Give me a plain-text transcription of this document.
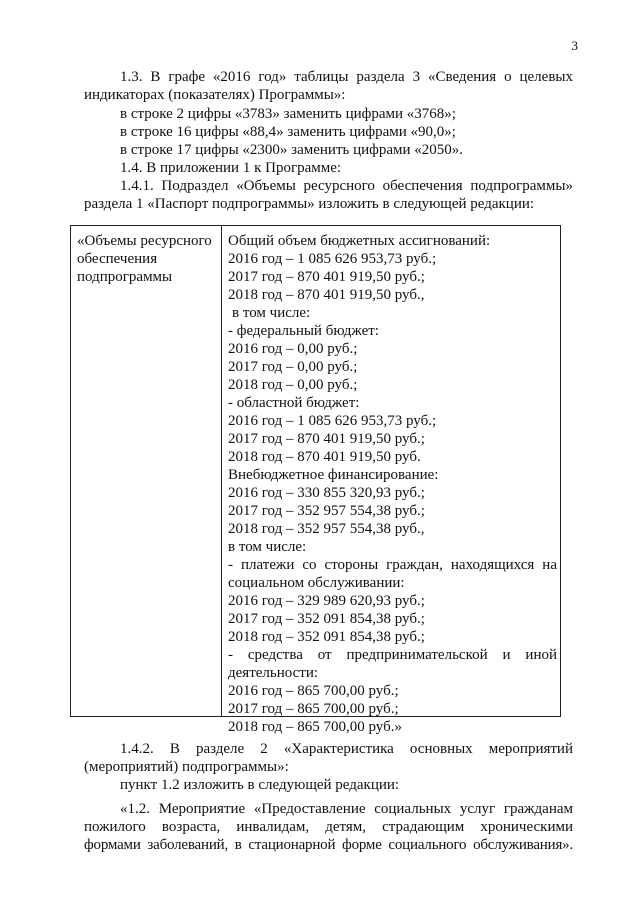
3
1.3. В графе «2016 год» таблицы раздела 3 «Сведения о целевых
индикаторах (показателях) Программы»:
в строке 2 цифры «3783» заменить цифрами «3768»;
в строке 16 цифры «88,4» заменить цифрами «90,0»;
в строке 17 цифры «2300» заменить цифрами «2050».
1.4. В приложении 1 к Программе:
1.4.1. Подраздел «Объемы ресурсного обеспечения подпрограммы»
раздела 1 «Паспорт подпрограммы» изложить в следующей редакции:
«Объемы ресурсного
обеспечения
подпрограммы
Общий объем бюджетных ассигнований:
2016 год – 1 085 626 953,73 руб.;
2017 год – 870 401 919,50 руб.;
2018 год – 870 401 919,50 руб.,
в том числе:
- федеральный бюджет:
2016 год – 0,00 руб.;
2017 год – 0,00 руб.;
2018 год – 0,00 руб.;
- областной бюджет:
2016 год – 1 085 626 953,73 руб.;
2017 год – 870 401 919,50 руб.;
2018 год – 870 401 919,50 руб.
Внебюджетное финансирование:
2016 год – 330 855 320,93 руб.;
2017 год – 352 957 554,38 руб.;
2018 год – 352 957 554,38 руб.,
в том числе:
- платежи со стороны граждан, находящихся на
социальном обслуживании:
2016 год – 329 989 620,93 руб.;
2017 год – 352 091 854,38 руб.;
2018 год – 352 091 854,38 руб.;
- средства от предпринимательской и иной
деятельности:
2016 год – 865 700,00 руб.;
2017 год – 865 700,00 руб.;
2018 год – 865 700,00 руб.»
1.4.2. В разделе 2 «Характеристика основных мероприятий
(мероприятий) подпрограммы»:
пункт 1.2 изложить в следующей редакции:
«1.2. Мероприятие «Предоставление социальных услуг гражданам
пожилого возраста, инвалидам, детям, страдающим хроническими
формами заболеваний, в стационарной форме социального обслуживания».
